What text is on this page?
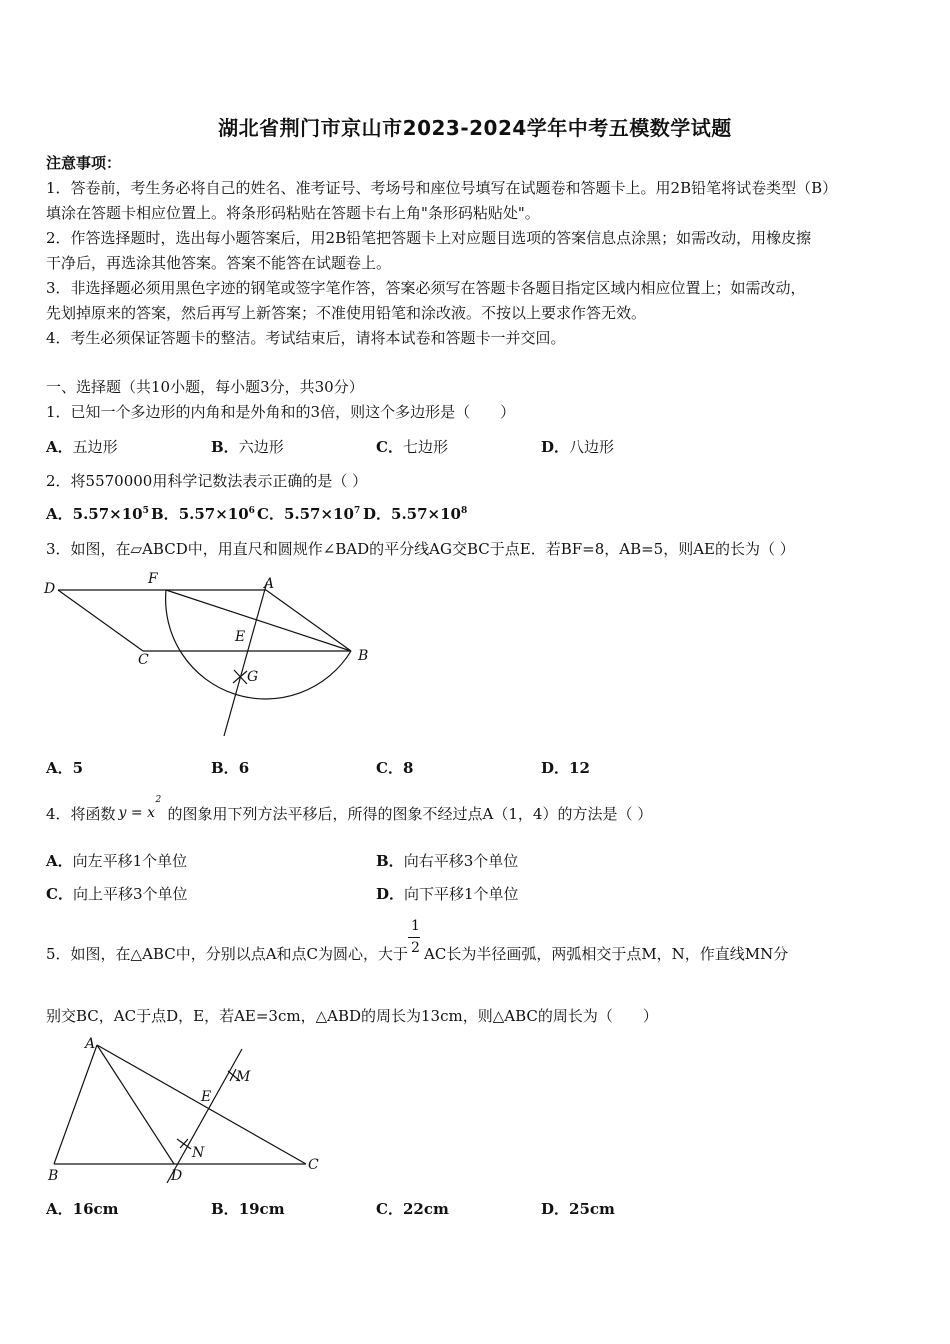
湖北省荆门市京山市2023-2024学年中考五模数学试题
注意事项：
1．答卷前，考生务必将自己的姓名、准考证号、考场号和座位号填写在试题卷和答题卡上。用2B铅笔将试卷类型（B）
填涂在答题卡相应位置上。将条形码粘贴在答题卡右上角"条形码粘贴处"。
2．作答选择题时，选出每小题答案后，用2B铅笔把答题卡上对应题目选项的答案信息点涂黑；如需改动，用橡皮擦
干净后，再选涂其他答案。答案不能答在试题卷上。
3．非选择题必须用黑色字迹的钢笔或签字笔作答，答案必须写在答题卡各题目指定区域内相应位置上；如需改动，
先划掉原来的答案，然后再写上新答案；不准使用铅笔和涂改液。不按以上要求作答无效。
4．考生必须保证答题卡的整洁。考试结束后，请将本试卷和答题卡一并交回。
一、选择题（共10小题，每小题3分，共30分）
1．已知一个多边形的内角和是外角和的3倍，则这个多边形是（　　）
A．五边形	B．六边形	C．七边形	D．八边形
2．将5570000用科学记数法表示正确的是（ ）
A．$5.57\times 10^5$ B．$5.57\times 10^6$ C．$5.57\times 10^7$ D．$5.57\times 10^8$
3．如图，在▱ABCD中，用直尺和圆规作∠BAD的平分线AG交BC于点E．若BF=8，AB=5，则AE的长为（ ）
D
F	A
E
C	B
G
A．5	B．6	C．8	D．12
4．将函数 y = x
2
的图象用下列方法平移后，所得的图象不经过点A（1，4）的方法是（ ）
A．向左平移1个单位	B．向右平移3个单位
C．向上平移3个单位	D．向下平移1个单位
5．如图，在△ABC中，分别以点A和点C为圆心，大于 $\frac{1}{2}$ AC长为半径画弧，两弧相交于点M，N，作直线MN分
别交BC，AC于点D，E，若AE=3cm，△ABD的周长为13cm，则△ABC的周长为（　　）
A
M
E
N
B	D
C
A．16cm	B．19cm	C．22cm	D．25cm
